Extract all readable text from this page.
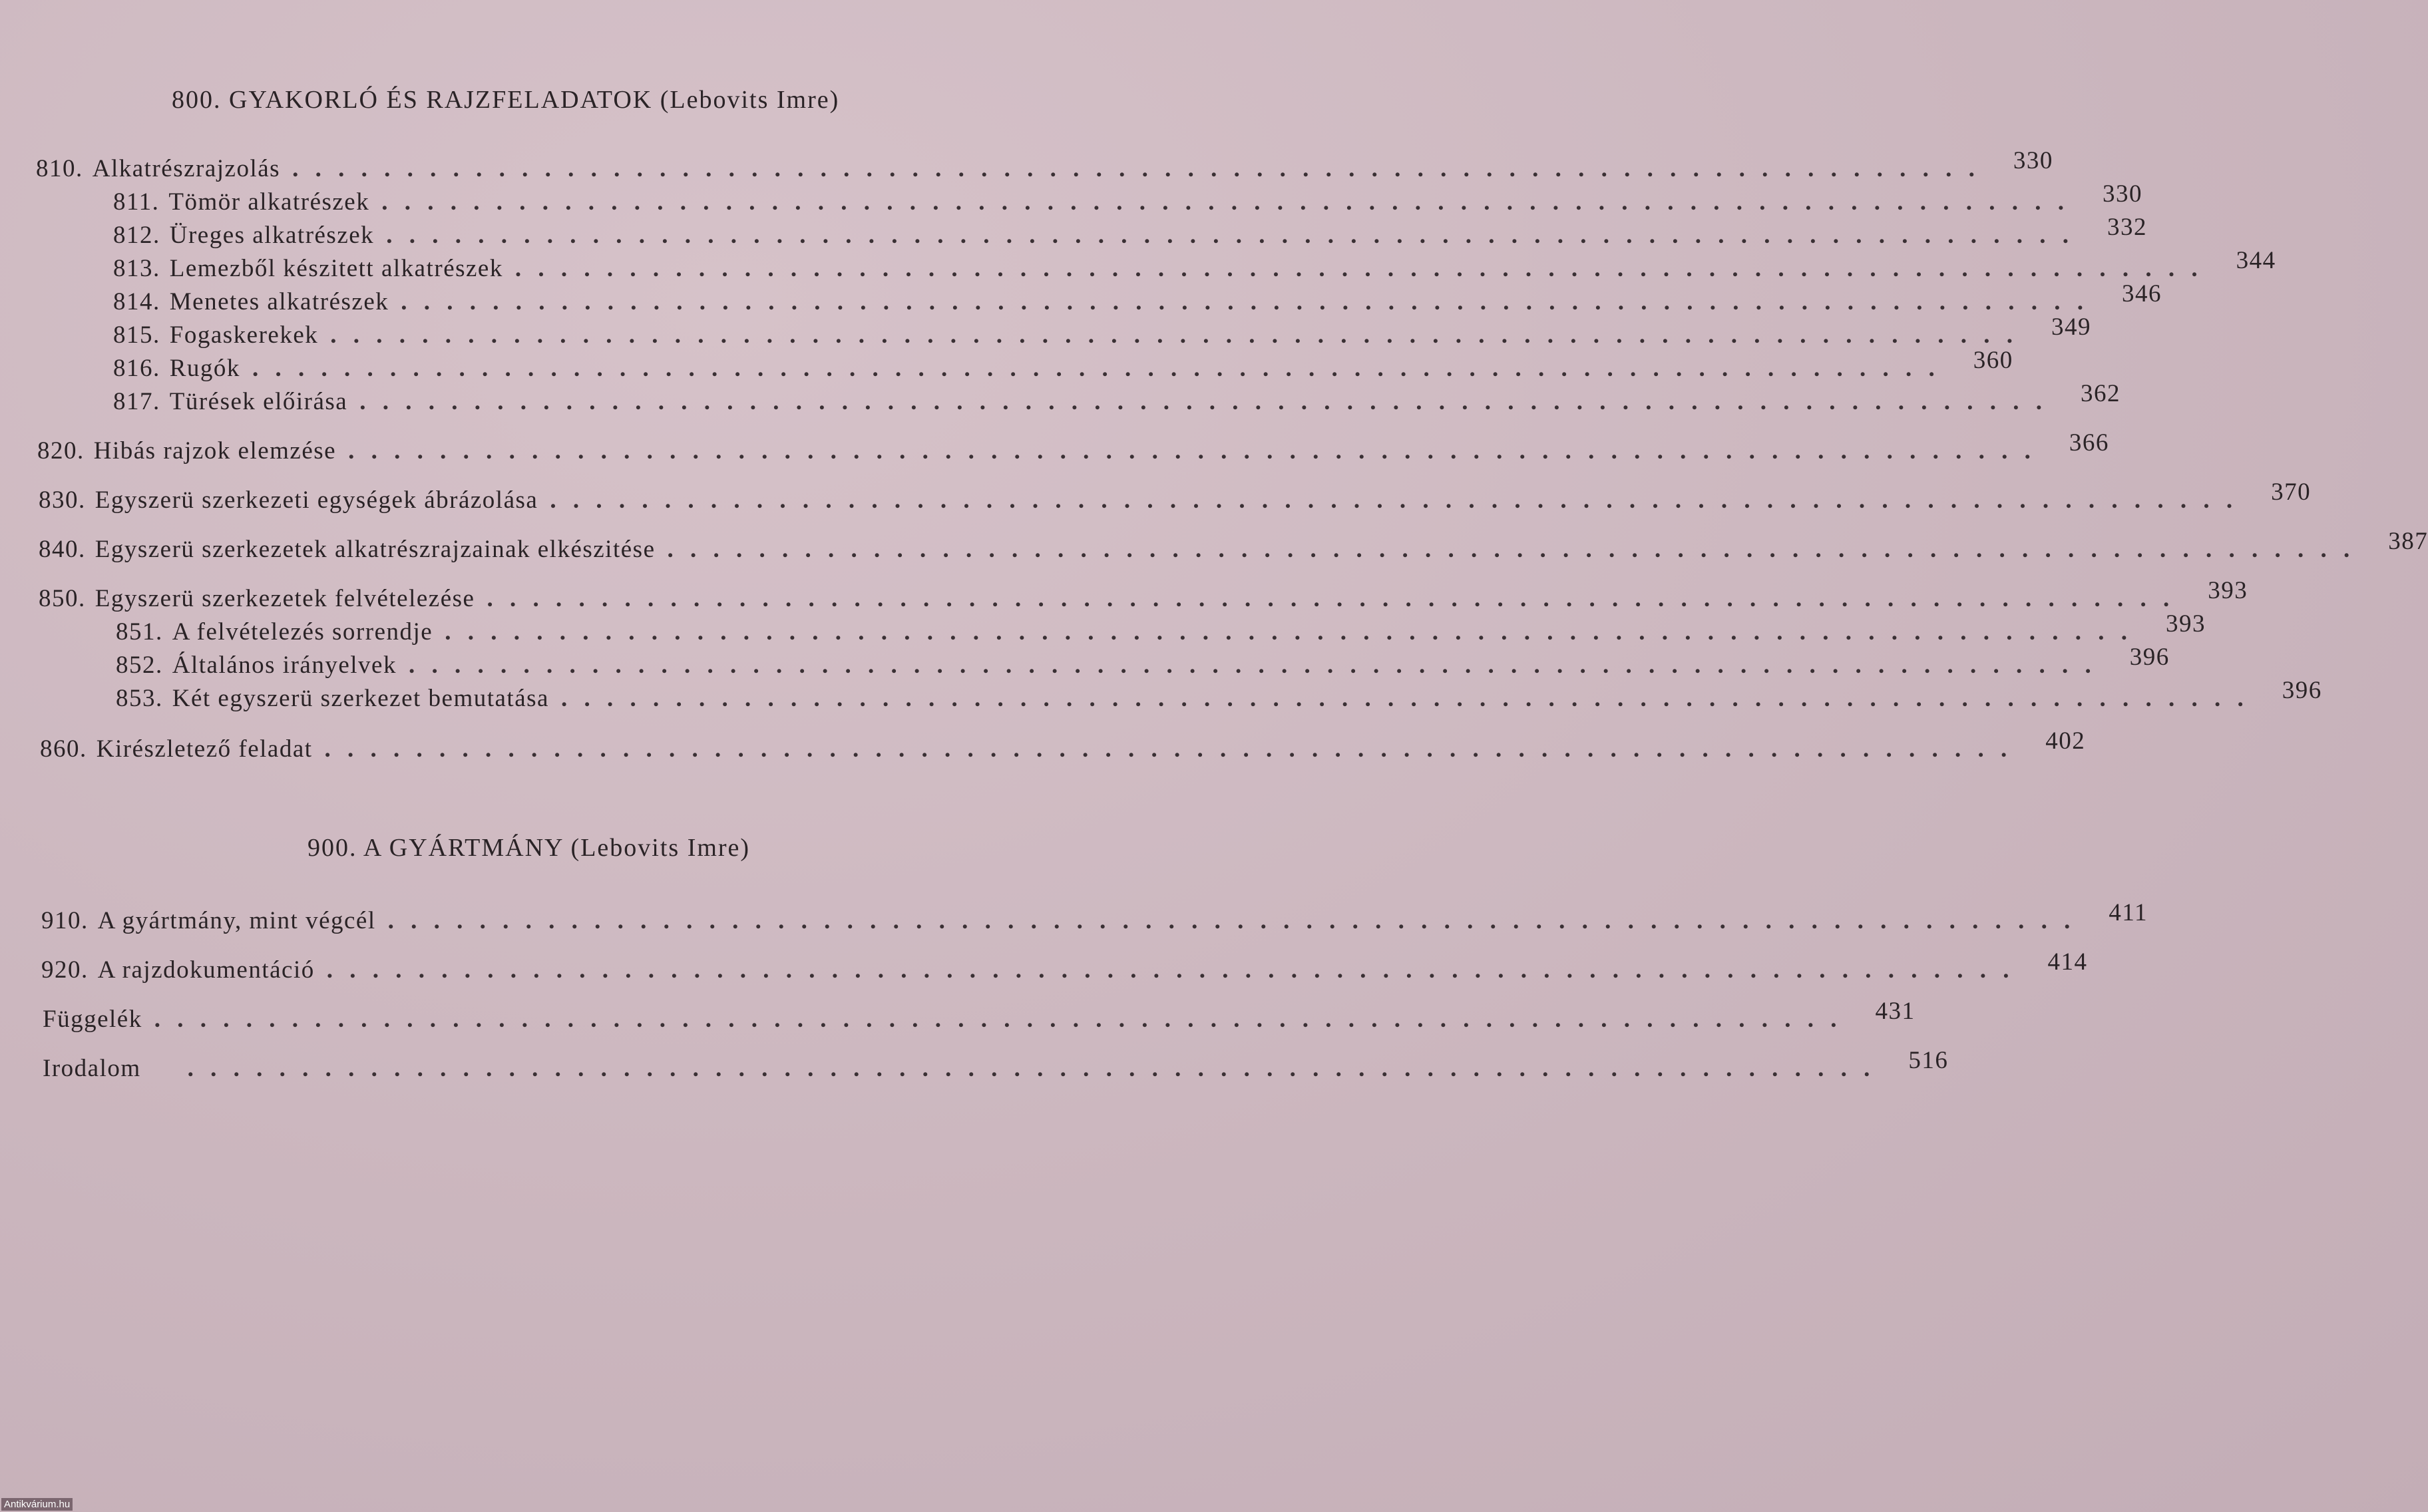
800. GYAKORLÓ ÉS RAJZFELADATOK (Lebovits Imre)
810. Alkatrészrajzolás . . . . . . . . . . . . . . . . . . . . . . . . . . . . . . . . . . . . . . . . . . . . . . . . . . . . . . . . . . . . . . . . . . . . . . . . . . 330
811. Tömör alkatrészek . . . . . . . . . . . . . . . . . . . . . . . . . . . . . . . . . . . . . . . . . . . . . . . . . . . . . . . . . . . . . . . . . . . . . . . . . . 330
812. Üreges alkatrészek . . . . . . . . . . . . . . . . . . . . . . . . . . . . . . . . . . . . . . . . . . . . . . . . . . . . . . . . . . . . . . . . . . . . . . . . . . 332
813. Lemezből készitett alkatrészek . . . . . . . . . . . . . . . . . . . . . . . . . . . . . . . . . . . . . . . . . . . . . . . . . . . . . . . . . . . . . . . . . . . . . . . . . . 344
814. Menetes alkatrészek . . . . . . . . . . . . . . . . . . . . . . . . . . . . . . . . . . . . . . . . . . . . . . . . . . . . . . . . . . . . . . . . . . . . . . . . . . 346
815. Fogaskerekek . . . . . . . . . . . . . . . . . . . . . . . . . . . . . . . . . . . . . . . . . . . . . . . . . . . . . . . . . . . . . . . . . . . . . . . . . . 349
816. Rugók . . . . . . . . . . . . . . . . . . . . . . . . . . . . . . . . . . . . . . . . . . . . . . . . . . . . . . . . . . . . . . . . . . . . . . . . . . 360
817. Türések előirása . . . . . . . . . . . . . . . . . . . . . . . . . . . . . . . . . . . . . . . . . . . . . . . . . . . . . . . . . . . . . . . . . . . . . . . . . . 362
820. Hibás rajzok elemzése . . . . . . . . . . . . . . . . . . . . . . . . . . . . . . . . . . . . . . . . . . . . . . . . . . . . . . . . . . . . . . . . . . . . . . . . . . 366
830. Egyszerü szerkezeti egységek ábrázolása . . . . . . . . . . . . . . . . . . . . . . . . . . . . . . . . . . . . . . . . . . . . . . . . . . . . . . . . . . . . . . . . . . . . . . . . . . 370
840. Egyszerü szerkezetek alkatrészrajzainak elkészitése . . . . . . . . . . . . . . . . . . . . . . . . . . . . . . . . . . . . . . . . . . . . . . . . . . . . . . . . . . . . . . . . . . . . . . . . . . 387
850. Egyszerü szerkezetek felvételezése . . . . . . . . . . . . . . . . . . . . . . . . . . . . . . . . . . . . . . . . . . . . . . . . . . . . . . . . . . . . . . . . . . . . . . . . . . 393
851. A felvételezés sorrendje . . . . . . . . . . . . . . . . . . . . . . . . . . . . . . . . . . . . . . . . . . . . . . . . . . . . . . . . . . . . . . . . . . . . . . . . . . 393
852. Általános irányelvek . . . . . . . . . . . . . . . . . . . . . . . . . . . . . . . . . . . . . . . . . . . . . . . . . . . . . . . . . . . . . . . . . . . . . . . . . . 396
853. Két egyszerü szerkezet bemutatása . . . . . . . . . . . . . . . . . . . . . . . . . . . . . . . . . . . . . . . . . . . . . . . . . . . . . . . . . . . . . . . . . . . . . . . . . . 396
860. Kirészletező feladat . . . . . . . . . . . . . . . . . . . . . . . . . . . . . . . . . . . . . . . . . . . . . . . . . . . . . . . . . . . . . . . . . . . . . . . . . . 402
900. A GYÁRTMÁNY (Lebovits Imre)
910. A gyártmány, mint végcél . . . . . . . . . . . . . . . . . . . . . . . . . . . . . . . . . . . . . . . . . . . . . . . . . . . . . . . . . . . . . . . . . . . . . . . . . . 411
920. A rajzdokumentáció . . . . . . . . . . . . . . . . . . . . . . . . . . . . . . . . . . . . . . . . . . . . . . . . . . . . . . . . . . . . . . . . . . . . . . . . . . 414
Függelék . . . . . . . . . . . . . . . . . . . . . . . . . . . . . . . . . . . . . . . . . . . . . . . . . . . . . . . . . . . . . . . . . . . . . . . . . . 431
Irodalom . . . . . . . . . . . . . . . . . . . . . . . . . . . . . . . . . . . . . . . . . . . . . . . . . . . . . . . . . . . . . . . . . . . . . . . . . . 516
Antikvárium.hu
